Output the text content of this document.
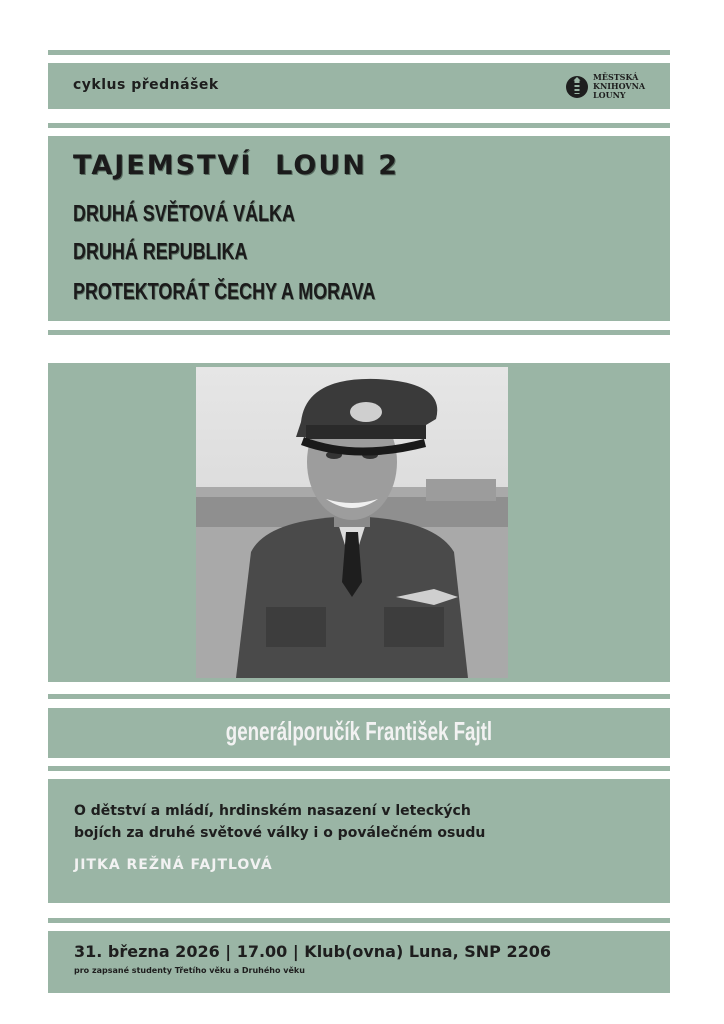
cyklus přednášek	MĚSTSKÁ
KNIHOVNA
LOUNY
TAJEMSTVÍ  LOUN 2
DRUHÁ SVĚTOVÁ VÁLKA
DRUHÁ REPUBLIKA
PROTEKTORÁT ČECHY A MORAVA
generálporučík František Fajtl
O dětství a mládí, hrdinském nasazení v leteckých
bojích za druhé světové války i o poválečném osudu
JITKA REŽNÁ FAJTLOVÁ
31. března 2026 | 17.00 | Klub(ovna) Luna, SNP 2206
pro zapsané studenty Třetího věku a Druhého věku
